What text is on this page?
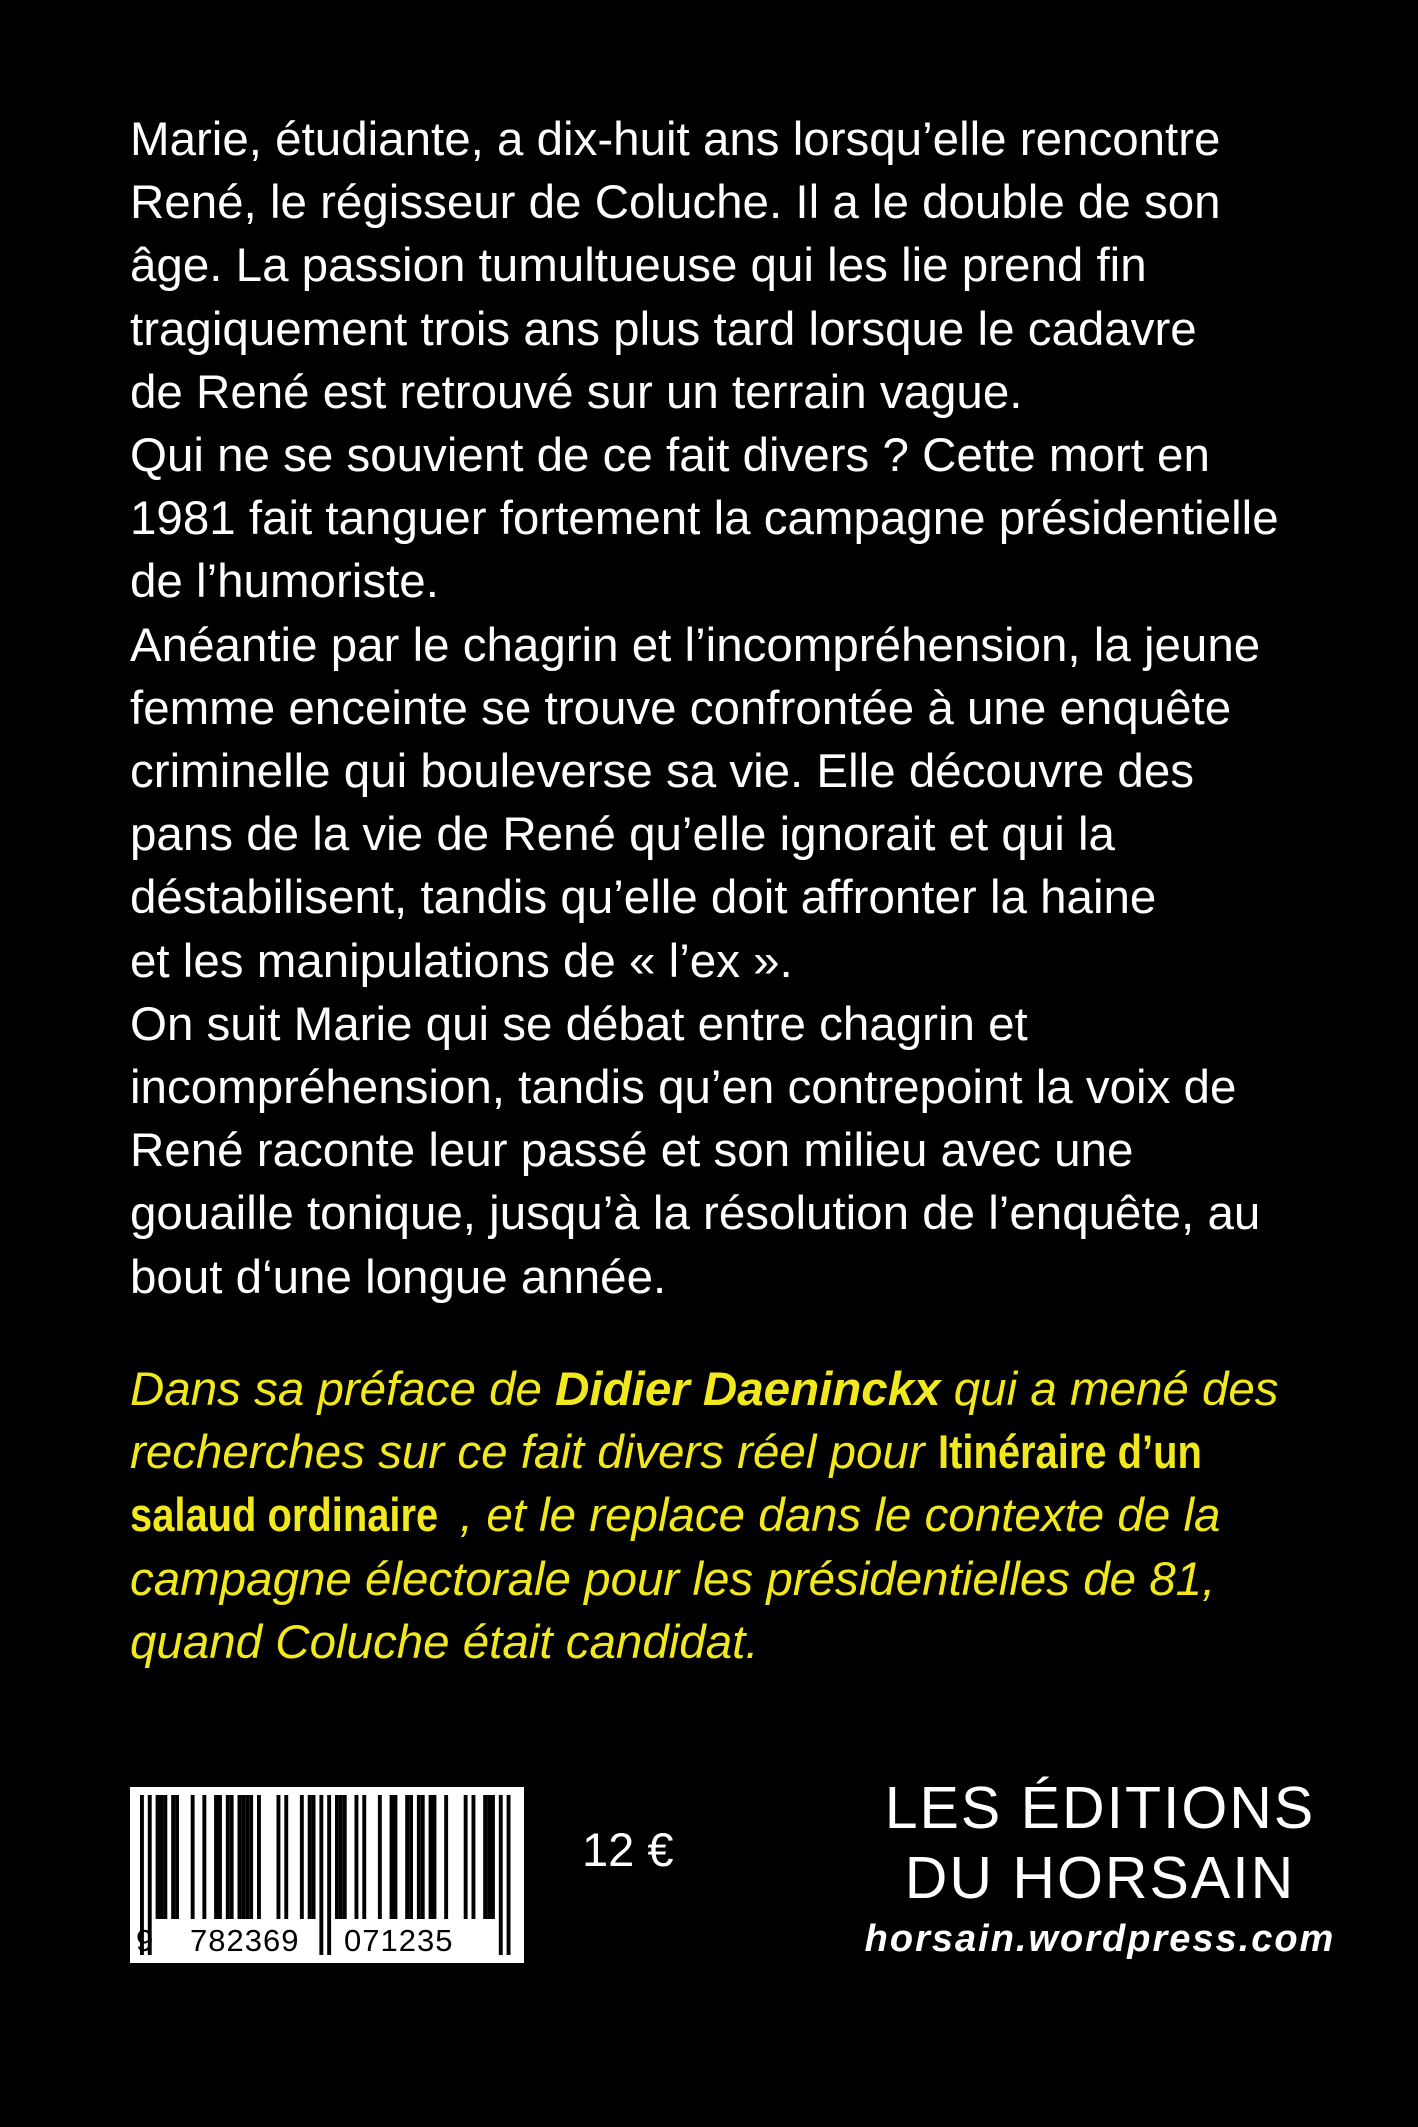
Marie, étudiante, a dix-huit ans lorsqu’elle rencontre
René, le régisseur de Coluche. Il a le double de son
âge. La passion tumultueuse qui les lie prend fin
tragiquement trois ans plus tard lorsque le cadavre
de René est retrouvé sur un terrain vague.
Qui ne se souvient de ce fait divers ? Cette mort en
1981 fait tanguer fortement la campagne présidentielle
de l’humoriste.
Anéantie par le chagrin et l’incompréhension, la jeune
femme enceinte se trouve confrontée à une enquête
criminelle qui bouleverse sa vie. Elle découvre des
pans de la vie de René qu’elle ignorait et qui la
déstabilisent, tandis qu’elle doit affronter la haine
et les manipulations de « l’ex ».
On suit Marie qui se débat entre chagrin et
incompréhension, tandis qu’en contrepoint la voix de
René raconte leur passé et son milieu avec une
gouaille tonique, jusqu’à la résolution de l’enquête, au
bout d‘une longue année.
Dans sa préface de Didier Daeninckx qui a mené des
recherches sur ce fait divers réel pour Itinéraire d’un
salaud ordinaire , et le replace dans le contexte de la
campagne électorale pour les présidentielles de 81,
quand Coluche était candidat.
9 782369 071235
12 €
LES ÉDITIONS
DU HORSAIN
horsain.wordpress.com
